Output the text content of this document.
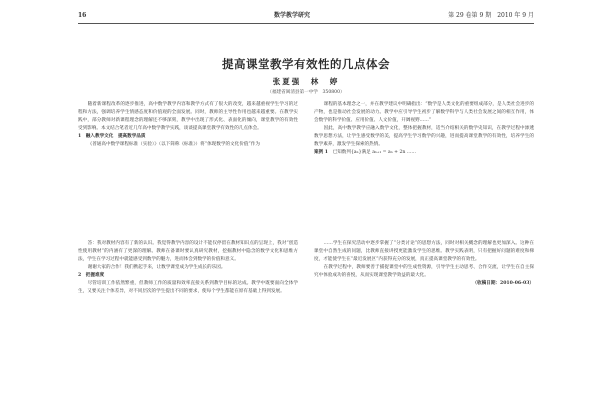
16	数学教学研究	第 29 卷第 9 期　2010 年 9 月
提高课堂教学有效性的几点体会
张夏强　林　婷
（福建省闽清县第一中学　350800）

随着新课程改革的逐步推进，高中数学教学内容和教学方式有了很大的改变，越来越重视学生学习的过程和方法，强调培养学生情感态度和价值观的全面发展。同时，教师的主导性作用也越来越重要。在教学实践中，部分教师对新课程理念的理解还不够深刻，教学中出现了形式化、表面化的倾向，课堂教学的有效性受到影响。本文结合笔者近几年高中数学教学实践，谈谈提高课堂教学有效性的几点体会。

1　融入教学文化　提高数学品质

《普通高中数学课程标准（实验）》（以下简称《标准》）将“体现数学的文化价值”作为

课程的基本理念之一，并在教学建议中明确指出：“数学是人类文化的重要组成部分，是人类社会进步的产物，也是推动社会发展的动力。教学中应引导学生初步了解数学科学与人类社会发展之间的相互作用，体会数学的科学价值、应用价值、人文价值，开阔视野……”

因此，高中数学教学应融入数学文化，整体把握教材，适当介绍相关的数学史知识，在教学过程中渗透数学思想方法，让学生感受数学的美，提高学生学习数学的兴趣，进而提高课堂教学的有效性，培养学生的数学素养，激发学生探索的热情。

案例 1　 已知数列{aₙ}满足 aₙ₊₁ = aₙ + 2n ……

答：我对教材内容有了新的认识。我觉得教学内容的设计不能仅停留在教材知识点的呈现上，我对“创造性使用教材”的内涵有了更深的理解。教师在备课时要认真研究教材，挖掘教材中隐含的数学文化和思维方法，学生在学习过程中就能感受到数学的魅力，进而体会到数学的价值和意义。

谢谢大家的合作！我们携起手来，让数学课堂成为学生成长的乐园。

2　把握难度

尽管培训工作依然繁重，但教师工作的质量和效率直接关系到教学目标的达成。教学中既要面向全体学生，又要关注个体差异，对不同层次的学生提出不同的要求，使每个学生都能在原有基础上得到发展。

……学生在探究活动中逐步掌握了“分类讨论”的思想方法，同时对相关概念的理解也更加深入。这种在课堂中自然生成的问题，比教师直接讲授更能激发学生的思维。教学实践表明，只有把握好问题的难度和梯度，才能使学生在“最近发展区”内获得充分的发展，真正提高课堂教学的有效性。

在教学过程中，教师要善于捕捉课堂中的生成性资源，引导学生主动思考、合作交流，让学生在自主探究中体验成功的喜悦，从而实现课堂教学效益的最大化。

（收稿日期：2010-06-03）
